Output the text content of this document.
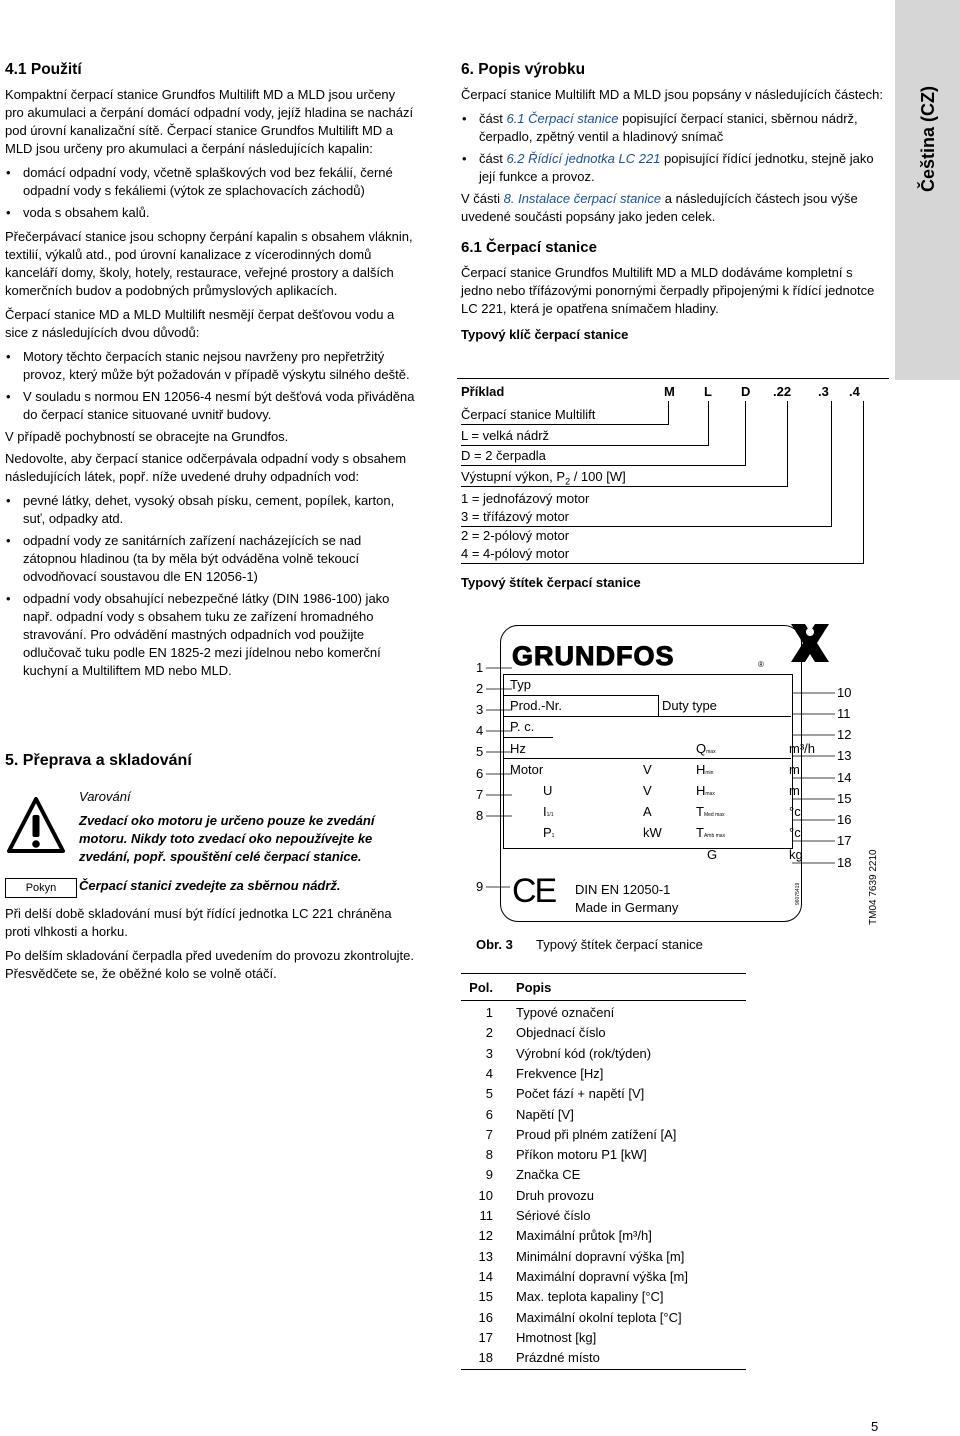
Čeština (CZ)

4.1 Použití

Kompaktní čerpací stanice Grundfos Multilift MD a MLD jsou určeny pro akumulaci a čerpání domácí odpadní vody, jejíž hladina se nachází pod úrovní kanalizační sítě. Čerpací stanice Grundfos Multilift MD a MLD jsou určeny pro akumulaci a čerpání následujících kapalin:

• domácí odpadní vody, včetně splaškových vod bez fekálií, černé odpadní vody s fekáliemi (výtok ze splachovacích záchodů)

• voda s obsahem kalů.

Přečerpávací stanice jsou schopny čerpání kapalin s obsahem vláknin, textilií, výkalů atd., pod úrovní kanalizace z vícerodinných domů kanceláří domy, školy, hotely, restaurace, veřejné prostory a dalších komerčních budov a podobných průmyslových aplikacích.

Čerpací stanice MD a MLD Multilift nesmějí čerpat dešťovou vodu a sice z následujících dvou důvodů:

• Motory těchto čerpacích stanic nejsou navrženy pro nepřetržitý provoz, který může být požadován v případě výskytu silného deště.

• V souladu s normou EN 12056-4 nesmí být dešťová voda přiváděna do čerpací stanice situované uvnitř budovy.

V případě pochybností se obracejte na Grundfos.

Nedovolte, aby čerpací stanice odčerpávala odpadní vody s obsahem následujících látek, popř. níže uvedené druhy odpadních vod:

• pevné látky, dehet, vysoký obsah písku, cement, popílek, karton, suť, odpadky atd.

• odpadní vody ze sanitárních zařízení nacházejících se nad zátopnou hladinou (ta by měla být odváděna volně tekoucí odvodňovací soustavou dle EN 12056-1)

• odpadní vody obsahující nebezpečné látky (DIN 1986-100) jako např. odpadní vody s obsahem tuku ze zařízení hromadného stravování. Pro odvádění mastných odpadních vod použijte odlučovač tuku podle EN 1825-2 mezi jídelnou nebo komerční kuchyní a Multiliftem MD nebo MLD.

5. Přeprava a skladování

Varování

Zvedací oko motoru je určeno pouze ke zvedání motoru. Nikdy toto zvedací oko nepoužívejte ke zvedání, popř. spouštění celé čerpací stanice.

Pokyn	Čerpací stanici zvedejte za sběrnou nádrž.

Při delší době skladování musí být řídící jednotka LC 221 chráněna proti vlhkosti a horku.

Po delším skladování čerpadla před uvedením do provozu zkontrolujte. Přesvědčete se, že oběžné kolo se volně otáčí.

6. Popis výrobku

Čerpací stanice Multilift MD a MLD jsou popsány v následujících částech:

• část 6.1 Čerpací stanice popisující čerpací stanici, sběrnou nádrž, čerpadlo, zpětný ventil a hladinový snímač

• část 6.2 Řídící jednotka LC 221 popisující řídící jednotku, stejně jako její funkce a provoz.

V části 8. Instalace čerpací stanice a následujících částech jsou výše uvedené součásti popsány jako jeden celek.

6.1 Čerpací stanice

Čerpací stanice Grundfos Multilift MD a MLD dodáváme kompletní s jedno nebo třífázovými ponornými čerpadly připojenými k řídící jednotce LC 221, která je opatřena snímačem hladiny.

Typový klíč čerpací stanice

Příklad	M L D .22 .3 .4
Čerpací stanice Multilift
L = velká nádrž
D = 2 čerpadla
Výstupní výkon, $P_2 / 100$ [W]
1 = jednofázový motor
3 = třífázový motor
2 = 2-pólový motor
4 = 4-pólový motor
Typový štítek čerpací stanice
GRUNDFOS	®
Typ
Prod.-Nr.	Duty type
P. c.
Hz
Motor
U
I1/1
P1
V
V
A
kW
Qmax
Hmin
Hmax
TMed max
TAmb max
G
m³/h
m
m
°c
°c
kg
CE DIN EN 12050-1
Made in Germany
96075419	TM04 7639 2210
1
2
3
4
5
6
7
8
9
10
11
12
13
14
15
16
17
18
Obr. 3 Typový štítek čerpací stanice
Pol. Popis
1 Typové označení
2 Objednací číslo
3 Výrobní kód (rok/týden)
4 Frekvence [Hz]
5 Počet fází + napětí [V]
6 Napětí [V]
7 Proud při plném zatížení [A]
8 Příkon motoru P1 [kW]
9 Značka CE
10 Druh provozu
11 Sériové číslo
12 Maximální průtok [m³/h]
13 Minimální dopravní výška [m]
14 Maximální dopravní výška [m]
15 Max. teplota kapaliny [°C]
16 Maximální okolní teplota [°C]
17 Hmotnost [kg]
18 Prázdné místo
5
